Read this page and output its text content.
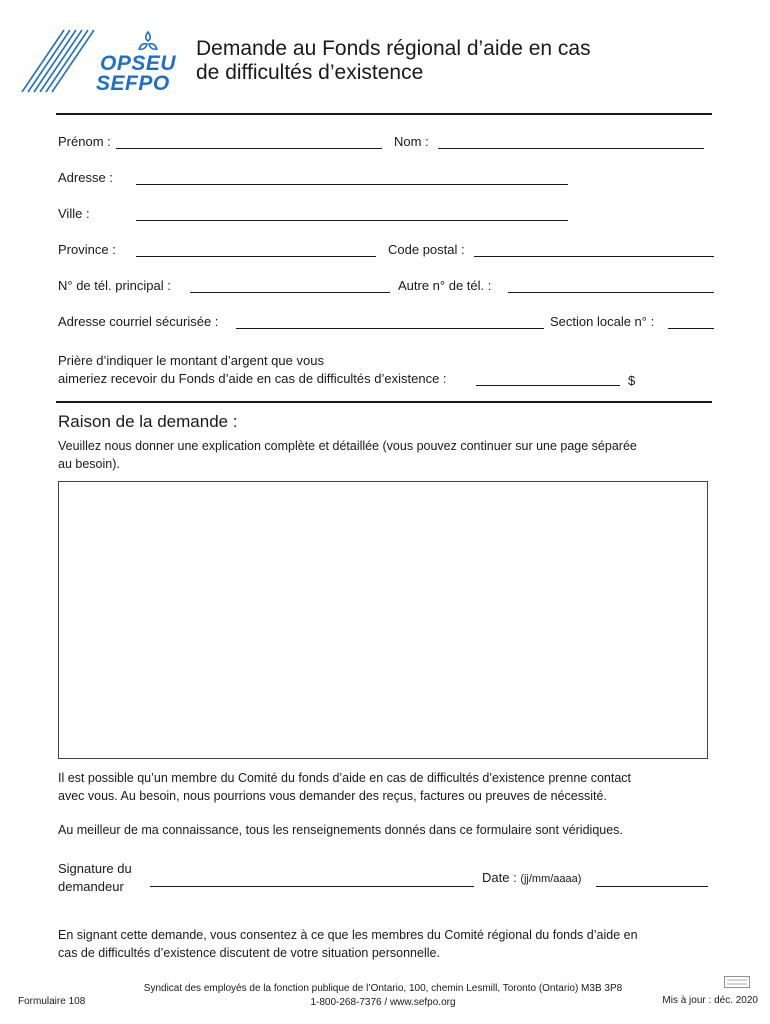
OPSEU
SEFPO
Demande au Fonds régional d’aide en cas
de difficultés d’existence
Prénom :	Nom :
Adresse :
Ville :
Province :	Code postal :
N° de tél. principal :	Autre n° de tél. :
Adresse courriel sécurisée :	Section locale n° :
Prière d’indiquer le montant d’argent que vous
aimeriez recevoir du Fonds d’aide en cas de difficultés d’existence :	$
Raison de la demande :
Veuillez nous donner une explication complète et détaillée (vous pouvez continuer sur une page séparée
au besoin).
Il est possible qu’un membre du Comité du fonds d’aide en cas de difficultés d’existence prenne contact
avec vous. Au besoin, nous pourrions vous demander des reçus, factures ou preuves de nécessité.
Au meilleur de ma connaissance, tous les renseignements donnés dans ce formulaire sont véridiques.
Signature du
demandeur
Date : (jj/mm/aaaa)
En signant cette demande, vous consentez à ce que les membres du Comité régional du fonds d’aide en
cas de difficultés d’existence discutent de votre situation personnelle.
Formulaire 108
Syndicat des employés de la fonction publique de l’Ontario, 100, chemin Lesmill, Toronto (Ontario) M3B 3P8
1-800-268-7376 / www.sefpo.org	Mis à jour : déc. 2020
